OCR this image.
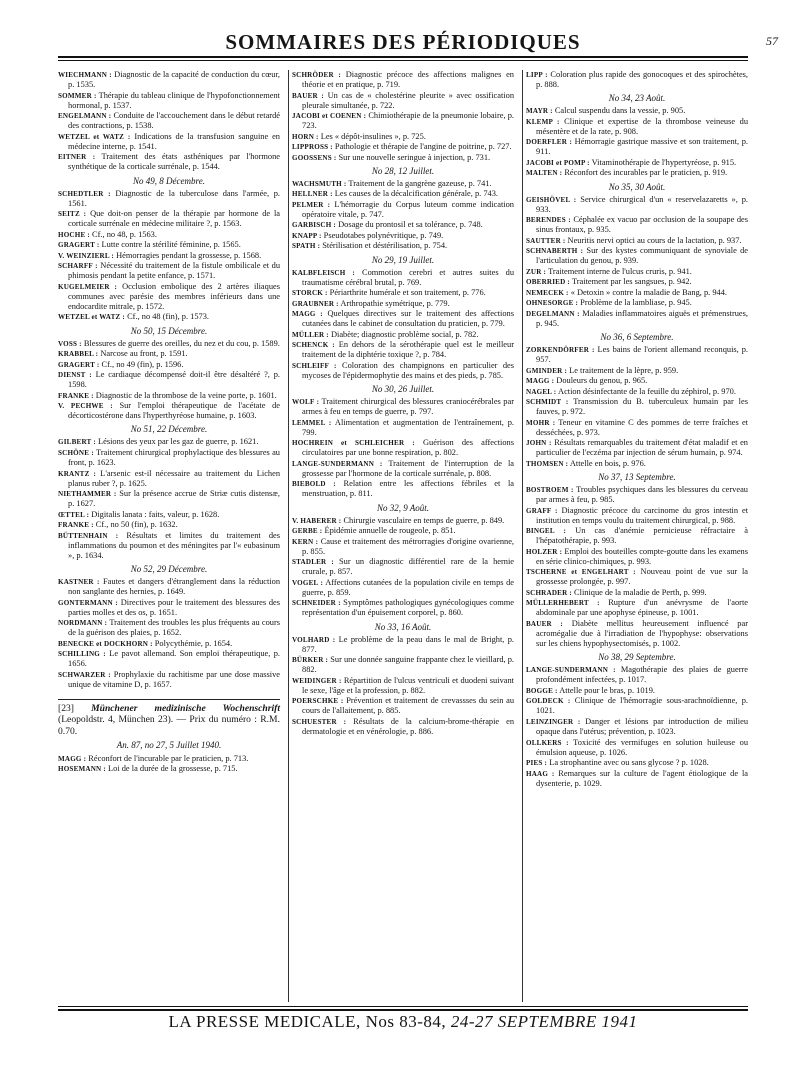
SOMMAIRES DES PÉRIODIQUES	57
WIECHMANN : Diagnostic de la capacité de conduction du cœur, p. 1535.
SOMMER : Thérapie du tableau clinique de l'hypofonctionnement hormonal, p. 1537.
ENGELMANN : Conduite de l'accouchement dans le début retardé des contractions, p. 1538.
WETZEL et WATZ : Indications de la transfusion sanguine en médecine interne, p. 1541.
EITNER : Traitement des états asthéniques par l'hormone synthétique de la corticale surrénale, p. 1544.
No 49, 8 Décembre.
SCHEDTLER : Diagnostic de la tuberculose dans l'armée, p. 1561.
SEITZ : Que doit-on penser de la thérapie par hormone de la corticale surrénale en médecine militaire ?, p. 1563.
HOCHE : Cf., no 48, p. 1563.
GRAGERT : Lutte contre la stérilité féminine, p. 1565.
V. WEINZIERL : Hémorragies pendant la grossesse, p. 1568.
SCHARFF : Nécessité du traitement de la fistule ombilicale et du phimosis pendant la petite enfance, p. 1571.
KUGELMEIER : Occlusion embolique des 2 artères iliaques communes avec parésie des membres inférieurs dans une endocardite mitrale, p. 1572.
WETZEL et WATZ : Cf., no 48 (fin), p. 1573.
No 50, 15 Décembre.
VOSS : Blessures de guerre des oreilles, du nez et du cou, p. 1589.
KRABBEL : Narcose au front, p. 1591.
GRAGERT : Cf., no 49 (fin), p. 1596.
DIENST : Le cardiaque décompensé doit-il être désaltéré ?, p. 1598.
FRANKE : Diagnostic de la thrombose de la veine porte, p. 1601.
V. PECHWE : Sur l'emploi thérapeutique de l'acétate de décorticostérone dans l'hyperthyréose humaine, p. 1603.
No 51, 22 Décembre.
GILBERT : Lésions des yeux par les gaz de guerre, p. 1621.
SCHÖNE : Traitement chirurgical prophylactique des blessures au front, p. 1623.
KRANTZ : L'arsenic est-il nécessaire au traitement du Lichen planus ruber ?, p. 1625.
NIETHAMMER : Sur la présence accrue de Striæ cutis distensæ, p. 1627.
ŒTTEL : Digitalis lanata : faits, valeur, p. 1628.
FRANKE : Cf., no 50 (fin), p. 1632.
BÜTTENHAIN : Résultats et limites du traitement des inflammations du poumon et des méningites par l'« eubasinum », p. 1634.
No 52, 29 Décembre.
KASTNER : Fautes et dangers d'étranglement dans la réduction non sanglante des hernies, p. 1649.
GONTERMANN : Directives pour le traitement des blessures des parties molles et des os, p. 1651.
NORDMANN : Traitement des troubles les plus fréquents au cours de la guérison des plaies, p. 1652.
BENECKE et DOCKHORN : Polycythémie, p. 1654.
SCHILLING : Le pavot allemand. Son emploi thérapeutique, p. 1656.
SCHWARZER : Prophylaxie du rachitisme par une dose massive unique de vitamine D, p. 1657.
[23] Münchener medizinische Wochenschrift (Leopoldstr. 4, München 23). — Prix du numéro : R.M. 0.70.
An. 87, no 27, 5 Juillet 1940.
MAGG : Réconfort de l'incurable par le praticien, p. 713.
HOSEMANN : Loi de la durée de la grossesse, p. 715.
SCHRÖDER : Diagnostic précoce des affections malignes en théorie et en pratique, p. 719.
BAUER : Un cas de « cholestérine pleurite » avec ossification pleurale simultanée, p. 722.
JACOBI et COENEN : Chimiothérapie de la pneumonie lobaire, p. 723.
HORN : Les « dépôt-insulines », p. 725.
LIPPROSS : Pathologie et thérapie de l'angine de poitrine, p. 727.
GOOSSENS : Sur une nouvelle seringue à injection, p. 731.
No 28, 12 Juillet.
WACHSMUTH : Traitement de la gangrène gazeuse, p. 741.
HELLNER : Les causes de la décalcification générale, p. 743.
PELMER : L'hémorragie du Corpus luteum comme indication opératoire vitale, p. 747.
GARBISCH : Dosage du prontosil et sa tolérance, p. 748.
KNAPP : Pseudotabes polynévritique, p. 749.
SPATH : Stérilisation et déstérilisation, p. 754.
No 29, 19 Juillet.
KALBFLEISCH : Commotion cerebri et autres suites du traumatisme cérébral brutal, p. 769.
STORCK : Périarthrite humérale et son traitement, p. 776.
GRAUBNER : Arthropathie symétrique, p. 779.
MAGG : Quelques directives sur le traitement des affections cutanées dans le cabinet de consultation du praticien, p. 779.
MÜLLER : Diabète; diagnostic problème social, p. 782.
SCHENCK : En dehors de la sérothérapie quel est le meilleur traitement de la diphtérie toxique ?, p. 784.
SCHLEIFF : Coloration des champignons en particulier des mycoses de l'épidermophytie des mains et des pieds, p. 785.
No 30, 26 Juillet.
WOLF : Traitement chirurgical des blessures craniocérébrales par armes à feu en temps de guerre, p. 797.
LEMMEL : Alimentation et augmentation de l'entraînement, p. 799.
HOCHREIN et SCHLEICHER : Guérison des affections circulatoires par une bonne respiration, p. 802.
LANGE-SUNDERMANN : Traitement de l'interruption de la grossesse par l'hormone de la corticale surrénale, p. 808.
BIEBOLD : Relation entre les affections fébriles et la menstruation, p. 811.
No 32, 9 Août.
V. HABERER : Chirurgie vasculaire en temps de guerre, p. 849.
GERBE : Épidémie annuelle de rougeole, p. 851.
KERN : Cause et traitement des métrorragies d'origine ovarienne, p. 855.
STADLER : Sur un diagnostic différentiel rare de la hernie crurale, p. 857.
VOGEL : Affections cutanées de la population civile en temps de guerre, p. 859.
SCHNEIDER : Symptômes pathologiques gynécologiques comme représentation d'un épuisement corporel, p. 860.
No 33, 16 Août.
VOLHARD : Le problème de la peau dans le mal de Bright, p. 877.
BÜRKER : Sur une donnée sanguine frappante chez le vieillard, p. 882.
WEIDINGER : Répartition de l'ulcus ventriculi et duodeni suivant le sexe, l'âge et la profession, p. 882.
POERSCHKE : Prévention et traitement de crevassses du sein au cours de l'allaitement, p. 885.
SCHUESTER : Résultats de la calcium-brome-thérapie en dermatologie et en vénérologie, p. 886.
LIPP : Coloration plus rapide des gonocoques et des spirochètes, p. 888.
No 34, 23 Août.
MAYR : Calcul suspendu dans la vessie, p. 905.
KLEMP : Clinique et expertise de la thrombose veineuse du mésentère et de la rate, p. 908.
DOERFLER : Hémorragie gastrique massive et son traitement, p. 911.
JACOBI et POMP : Vitaminothérapie de l'hypertyréose, p. 915.
MALTEN : Réconfort des incurables par le praticien, p. 919.
No 35, 30 Août.
GEISHÖVEL : Service chirurgical d'un « reservelazaretts », p. 933.
BERENDES : Céphalée ex vacuo par occlusion de la soupape des sinus frontaux, p. 935.
SAUTTER : Neuritis nervi optici au cours de la lactation, p. 937.
SCHNABERTH : Sur des kystes communiquant de synoviale de l'articulation du genou, p. 939.
ZUR : Traitement interne de l'ulcus cruris, p. 941.
OBERRIED : Traitement par les sangsues, p. 942.
NEMECEK : « Detoxin » contre la maladie de Bang, p. 944.
OHNESORGE : Problème de la lambliase, p. 945.
DEGELMANN : Maladies inflammatoires aiguës et prémenstrues, p. 945.
No 36, 6 Septembre.
ZORKENDÖRFER : Les bains de l'orient allemand reconquis, p. 957.
GMINDER : Le traitement de la lèpre, p. 959.
MAGG : Douleurs du genou, p. 965.
NAGEL : Action désinfectante de la feuille du zéphirol, p. 970.
SCHMIDT : Transmission du B. tuberculeux humain par les fauves, p. 972.
MOHR : Teneur en vitamine C des pommes de terre fraîches et desséchées, p. 973.
JOHN : Résultats remarquables du traitement d'état maladif et en particulier de l'eczéma par injection de sérum humain, p. 974.
THOMSEN : Attelle en bois, p. 976.
No 37, 13 Septembre.
BOSTROEM : Troubles psychiques dans les blessures du cerveau par armes à feu, p. 985.
GRAFF : Diagnostic précoce du carcinome du gros intestin et institution en temps voulu du traitement chirurgical, p. 988.
BINGEL : Un cas d'anémie pernicieuse réfractaire à l'hépatothérapie, p. 993.
HOLZER : Emploi des bouteilles compte-goutte dans les examens en série clinico-chimiques, p. 993.
TSCHERNE et ENGELHART : Nouveau point de vue sur la grossesse prolongée, p. 997.
SCHRADER : Clinique de la maladie de Perth, p. 999.
MÜLLERHEBERT : Rupture d'un anévrysme de l'aorte abdominale par une apophyse épineuse, p. 1001.
BAUER : Diabète mellitus heureusement influencé par acromégalie due à l'irradiation de l'hypophyse: observations sur les chiens hypophysectomisés, p. 1002.
No 38, 29 Septembre.
LANGE-SUNDERMANN : Magothérapie des plaies de guerre profondément infectées, p. 1017.
BOGGE : Attelle pour le bras, p. 1019.
GOLDECK : Clinique de l'hémorragie sous-arachnoïdienne, p. 1021.
LEINZINGER : Danger et lésions par introduction de milieu opaque dans l'utérus; prévention, p. 1023.
OLLKERS : Toxicité des vermifuges en solution huileuse ou émulsion aqueuse, p. 1026.
PIES : La strophantine avec ou sans glycose ? p. 1028.
HAAG : Remarques sur la culture de l'agent étiologique de la dysenterie, p. 1029.
LA PRESSE MEDICALE, Nos 83-84, 24-27 SEPTEMBRE 1941
